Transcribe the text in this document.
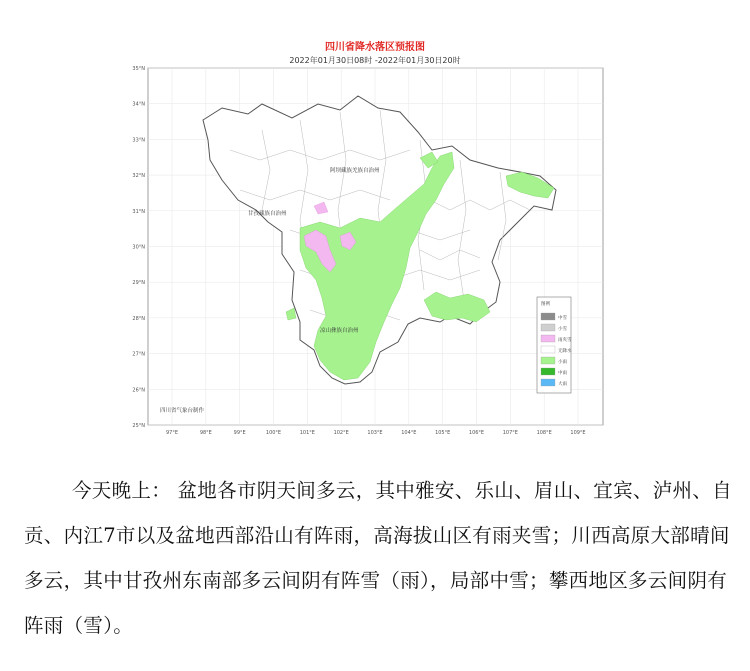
四川省降水落区预报图
2022年01月30日08时 -2022年01月30日20时
35°N
34°N
33°N
32°N
31°N
30°N
29°N
28°N
27°N
26°N
25°N
97°E	98°E	99°E	100°E	101°E	102°E	103°E	104°E	105°E	106°E	107°E	108°E	109°E
阿坝藏族羌族自治州
甘孜藏族自治州
凉山彝族自治州
四川省气象台制作
图例
中雪
小雪
雨夹雪
无降水
小雨
中雨
大雨

今天晚上： 盆地各市阴天间多云，其中雅安、乐山、眉山、宜宾、泸州、自贡、内江7市以及盆地西部沿山有阵雨，高海拔山区有雨夹雪；川西高原大部晴间多云，其中甘孜州东南部多云间阴有阵雪（雨），局部中雪；攀西地区多云间阴有阵雨（雪）。
